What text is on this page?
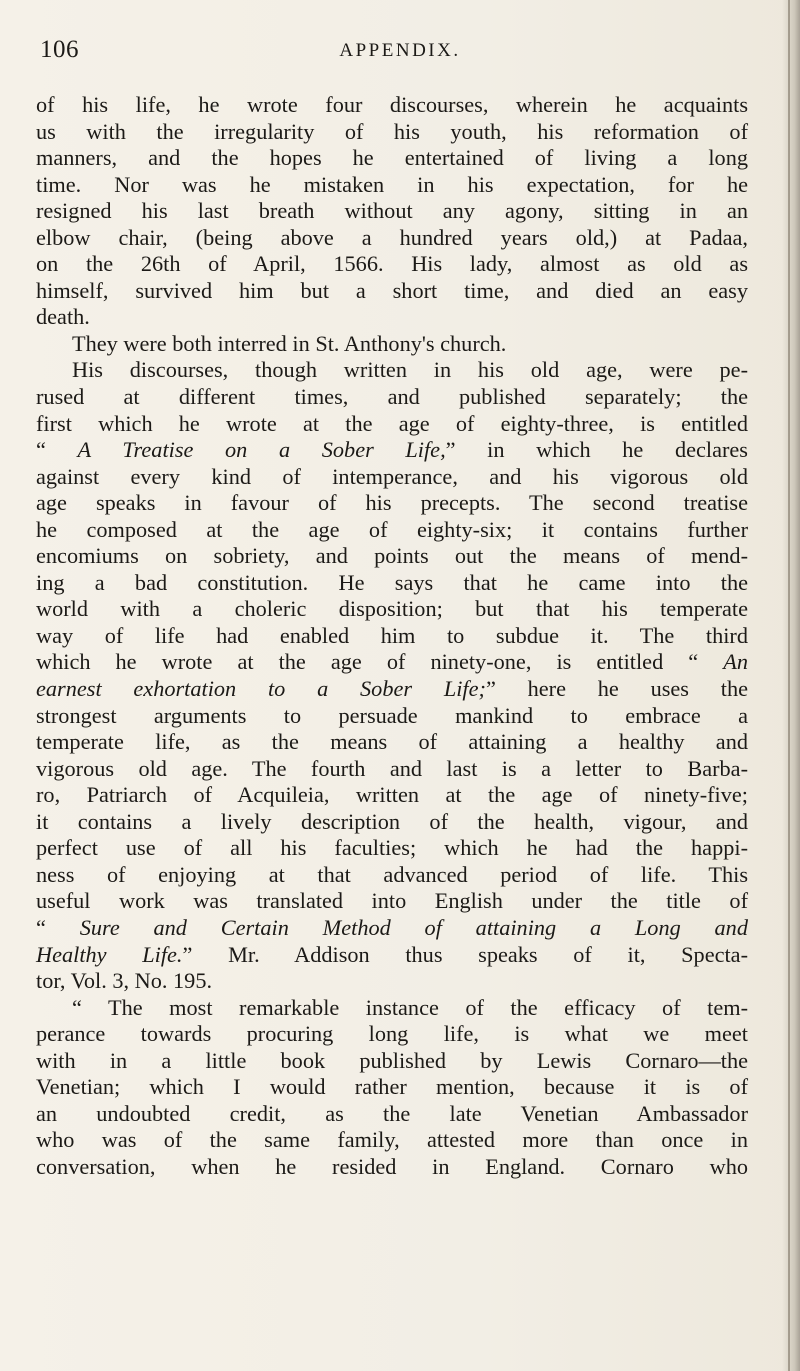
106	APPENDIX.
of his life, he wrote four discourses, wherein he acquaints
us with the irregularity of his youth, his reformation of
manners, and the hopes he entertained of living a long
time. Nor was he mistaken in his expectation, for he
resigned his last breath without any agony, sitting in an
elbow chair, (being above a hundred years old,) at Padaa,
on the 26th of April, 1566. His lady, almost as old as
himself, survived him but a short time, and died an easy
death.
They were both interred in St. Anthony's church.
His discourses, though written in his old age, were pe-
rused at different times, and published separately; the
first which he wrote at the age of eighty-three, is entitled
“ A Treatise on a Sober Life,” in which he declares
against every kind of intemperance, and his vigorous old
age speaks in favour of his precepts. The second treatise
he composed at the age of eighty-six; it contains further
encomiums on sobriety, and points out the means of mend-
ing a bad constitution. He says that he came into the
world with a choleric disposition; but that his temperate
way of life had enabled him to subdue it. The third
which he wrote at the age of ninety-one, is entitled “ An
earnest exhortation to a Sober Life;” here he uses the
strongest arguments to persuade mankind to embrace a
temperate life, as the means of attaining a healthy and
vigorous old age. The fourth and last is a letter to Barba-
ro, Patriarch of Acquileia, written at the age of ninety-five;
it contains a lively description of the health, vigour, and
perfect use of all his faculties; which he had the happi-
ness of enjoying at that advanced period of life. This
useful work was translated into English under the title of
“ Sure and Certain Method of attaining a Long and
Healthy Life.” Mr. Addison thus speaks of it, Specta-
tor, Vol. 3, No. 195.
“ The most remarkable instance of the efficacy of tem-
perance towards procuring long life, is what we meet
with in a little book published by Lewis Cornaro—the
Venetian; which I would rather mention, because it is of
an undoubted credit, as the late Venetian Ambassador
who was of the same family, attested more than once in
conversation, when he resided in England. Cornaro who
